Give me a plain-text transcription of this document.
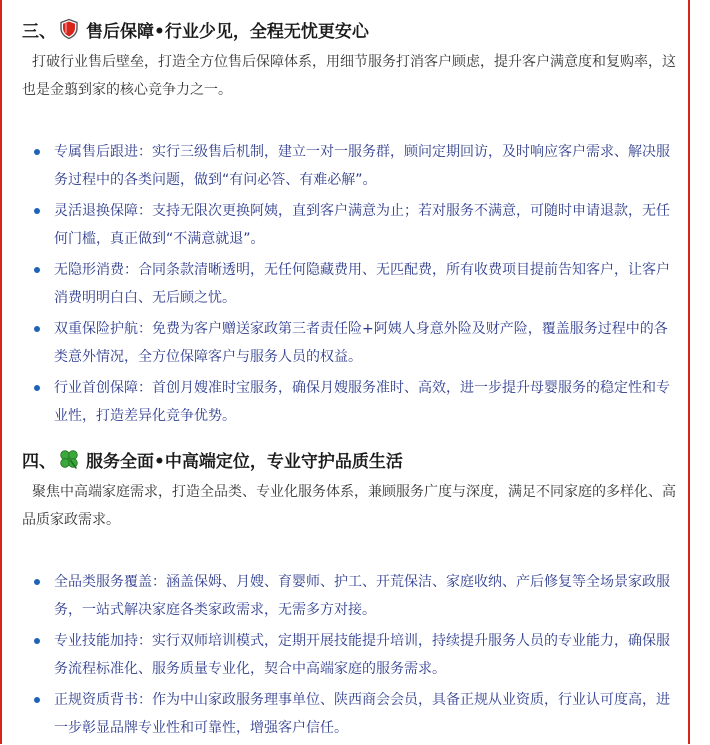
三、 售后保障•行业少见，全程无忧更安心

打破行业售后壁垒，打造全方位售后保障体系，用细节服务打消客户顾虑，提升客户满意度和复购率，这也是金翦到家的核心竞争力之一。

专属售后跟进：实行三级售后机制，建立一对一服务群，顾问定期回访，及时响应客户需求、解决服务过程中的各类问题，做到“有问必答、有难必解”。
灵活退换保障：支持无限次更换阿姨，直到客户满意为止；若对服务不满意，可随时申请退款，无任何门槛，真正做到“不满意就退”。
无隐形消费：合同条款清晰透明，无任何隐藏费用、无匹配费，所有收费项目提前告知客户，让客户消费明明白白、无后顾之忧。
双重保险护航：免费为客户赠送家政第三者责任险+阿姨人身意外险及财产险，覆盖服务过程中的各类意外情况，全方位保障客户与服务人员的权益。
行业首创保障：首创月嫂准时宝服务，确保月嫂服务准时、高效，进一步提升母婴服务的稳定性和专业性，打造差异化竞争优势。
四、 服务全面•中高端定位，专业守护品质生活

聚焦中高端家庭需求，打造全品类、专业化服务体系，兼顾服务广度与深度，满足不同家庭的多样化、高品质家政需求。

全品类服务覆盖：涵盖保姆、月嫂、育婴师、护工、开荒保洁、家庭收纳、产后修复等全场景家政服务，一站式解决家庭各类家政需求，无需多方对接。
专业技能加持：实行双师培训模式，定期开展技能提升培训，持续提升服务人员的专业能力，确保服务流程标准化、服务质量专业化，契合中高端家庭的服务需求。
正规资质背书：作为中山家政服务理事单位、陕西商会会员，具备正规从业资质，行业认可度高，进一步彰显品牌专业性和可靠性，增强客户信任。
